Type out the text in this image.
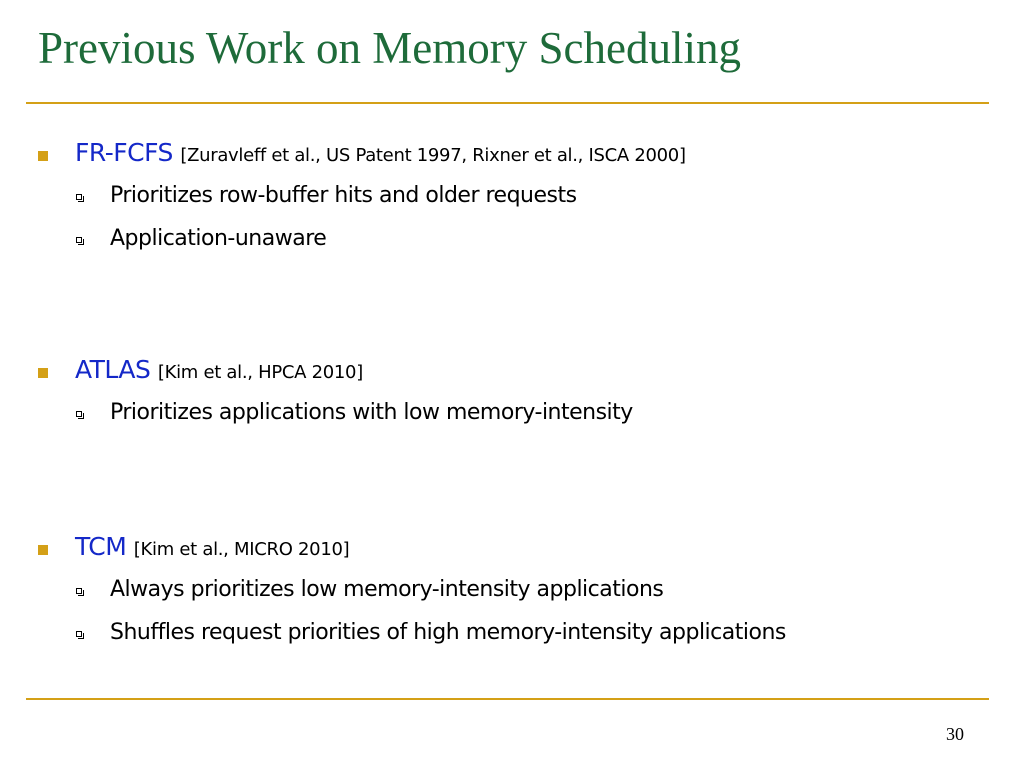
Previous Work on Memory Scheduling
FR-FCFS [Zuravleff et al., US Patent 1997, Rixner et al., ISCA 2000]
Prioritizes row-buffer hits and older requests
Application-unaware
ATLAS [Kim et al., HPCA 2010]
Prioritizes applications with low memory-intensity
TCM [Kim et al., MICRO 2010]
Always prioritizes low memory-intensity applications
Shuffles request priorities of high memory-intensity applications
30
